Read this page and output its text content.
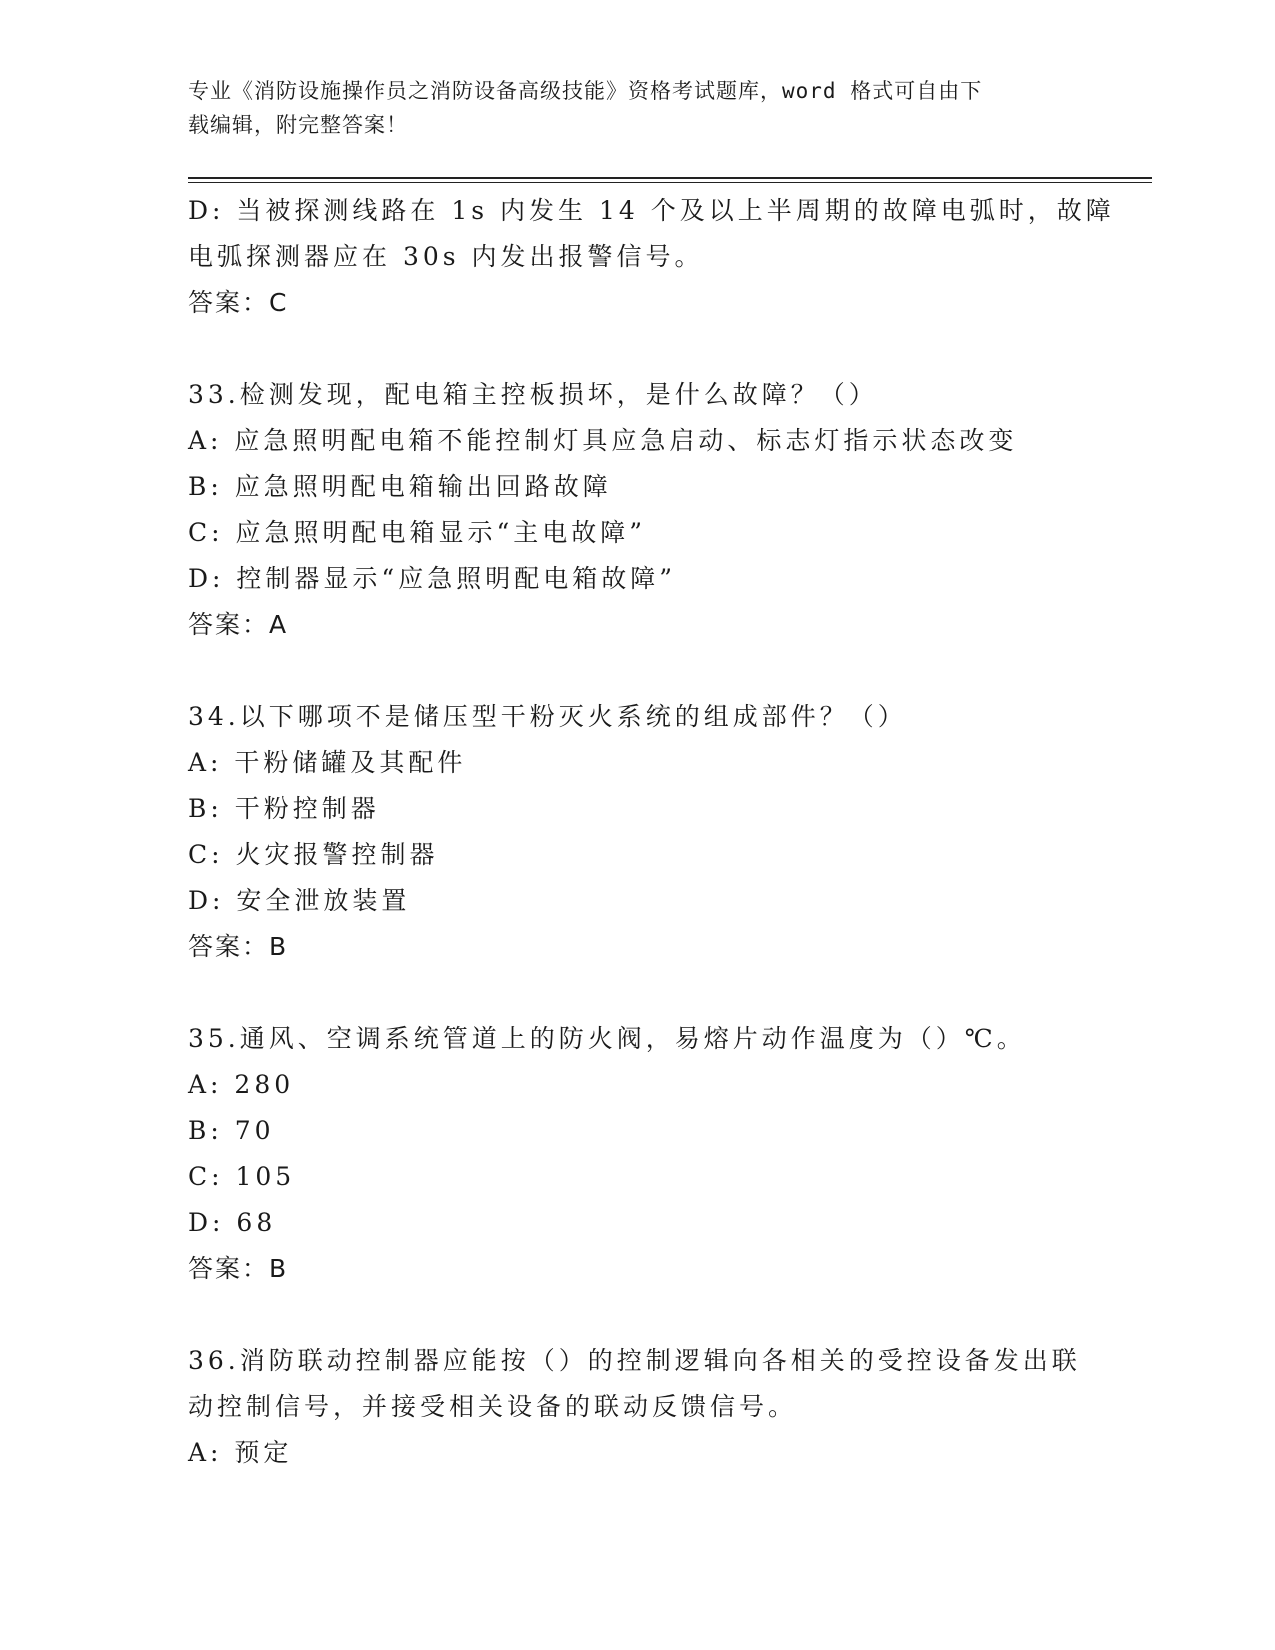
专业《消防设施操作员之消防设备高级技能》资格考试题库，word 格式可自由下
载编辑，附完整答案！
D: 当被探测线路在 1s 内发生 14 个及以上半周期的故障电弧时，故障
电弧探测器应在 30s 内发出报警信号。
答案：C
33.检测发现，配电箱主控板损坏，是什么故障？（）
A: 应急照明配电箱不能控制灯具应急启动、标志灯指示状态改变
B: 应急照明配电箱输出回路故障
C: 应急照明配电箱显示“主电故障”
D: 控制器显示“应急照明配电箱故障”
答案：A
34.以下哪项不是储压型干粉灭火系统的组成部件？（）
A: 干粉储罐及其配件
B: 干粉控制器
C: 火灾报警控制器
D: 安全泄放装置
答案：B
35.通风、空调系统管道上的防火阀，易熔片动作温度为（）℃。
A: 280
B: 70
C: 105
D: 68
答案：B
36.消防联动控制器应能按（）的控制逻辑向各相关的受控设备发出联
动控制信号，并接受相关设备的联动反馈信号。
A: 预定
